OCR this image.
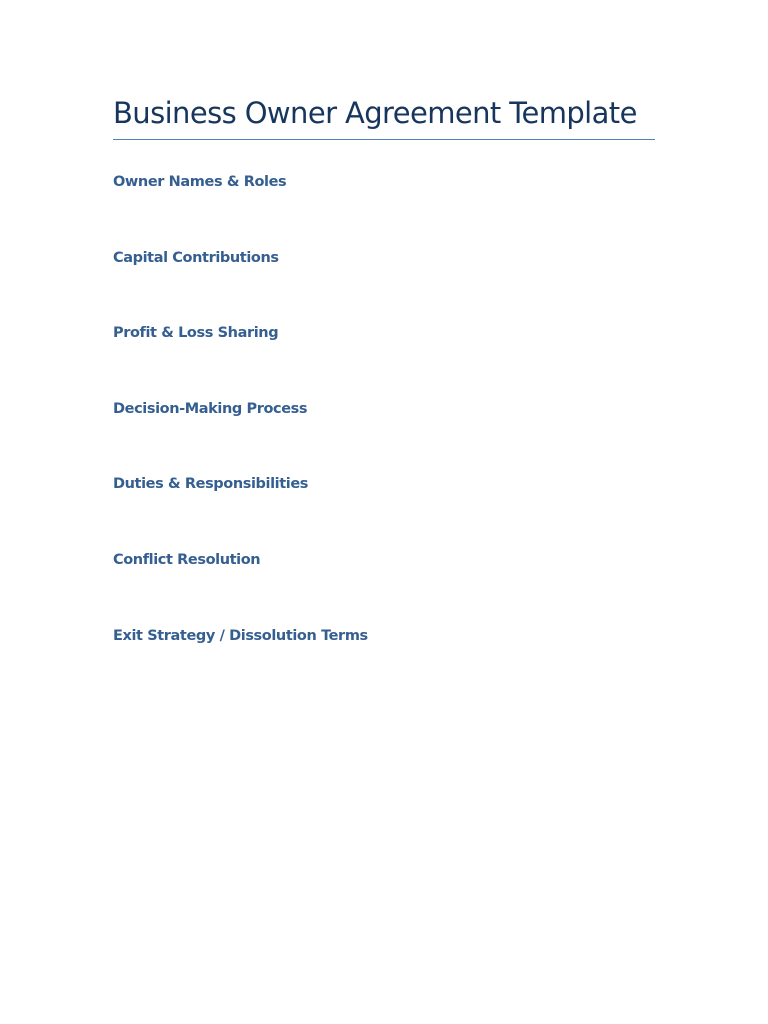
Business Owner Agreement Template
Owner Names & Roles
Capital Contributions
Profit & Loss Sharing
Decision-Making Process
Duties & Responsibilities
Conflict Resolution
Exit Strategy / Dissolution Terms
